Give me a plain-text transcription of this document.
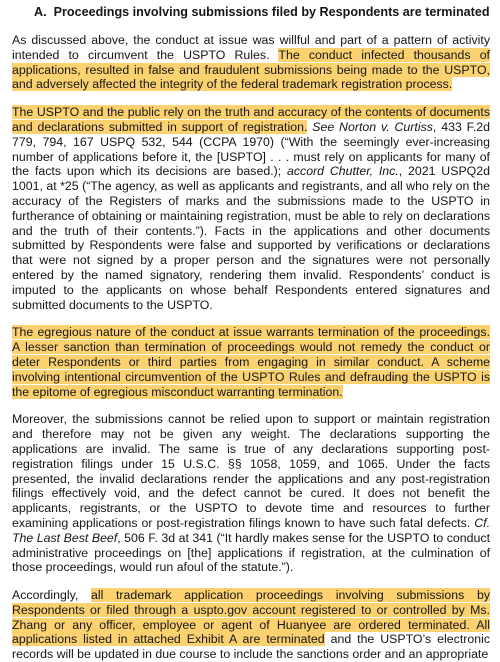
A.  Proceedings involving submissions filed by Respondents are terminated

As discussed above, the conduct at issue was willful and part of a pattern of activity intended to circumvent the USPTO Rules. The conduct infected thousands of applications, resulted in false and fraudulent submissions being made to the USPTO, and adversely affected the integrity of the federal trademark registration process.

The USPTO and the public rely on the truth and accuracy of the contents of documents and declarations submitted in support of registration. See Norton v. Curtiss, 433 F.2d 779, 794, 167 USPQ 532, 544 (CCPA 1970) (“With the seemingly ever-increasing number of applications before it, the [USPTO] . . . must rely on applicants for many of the facts upon which its decisions are based.); accord Chutter, Inc., 2021 USPQ2d 1001, at *25 (“The agency, as well as applicants and registrants, and all who rely on the accuracy of the Registers of marks and the submissions made to the USPTO in furtherance of obtaining or maintaining registration, must be able to rely on declarations and the truth of their contents.”). Facts in the applications and other documents submitted by Respondents were false and supported by verifications or declarations that were not signed by a proper person and the signatures were not personally entered by the named signatory, rendering them invalid. Respondents’ conduct is imputed to the applicants on whose behalf Respondents entered signatures and submitted documents to the USPTO.

The egregious nature of the conduct at issue warrants termination of the proceedings. A lesser sanction than termination of proceedings would not remedy the conduct or deter Respondents or third parties from engaging in similar conduct. A scheme involving intentional circumvention of the USPTO Rules and defrauding the USPTO is the epitome of egregious misconduct warranting termination.

Moreover, the submissions cannot be relied upon to support or maintain registration and therefore may not be given any weight. The declarations supporting the applications are invalid. The same is true of any declarations supporting post-registration filings under 15 U.S.C. §§ 1058, 1059, and 1065. Under the facts presented, the invalid declarations render the applications and any post-registration filings effectively void, and the defect cannot be cured. It does not benefit the applicants, registrants, or the USPTO to devote time and resources to further examining applications or post-registration filings known to have such fatal defects. Cf. The Last Best Beef, 506 F. 3d at 341 (“It hardly makes sense for the USPTO to conduct administrative proceedings on [the] applications if registration, at the culmination of those proceedings, would run afoul of the statute.”).

Accordingly, all trademark application proceedings involving submissions by Respondents or filed through a uspto.gov account registered to or controlled by Ms. Zhang or any officer, employee or agent of Huanyee are ordered terminated. All applications listed in attached Exhibit A are terminated and the USPTO’s electronic records will be updated in due course to include the sanctions order and an appropriate
